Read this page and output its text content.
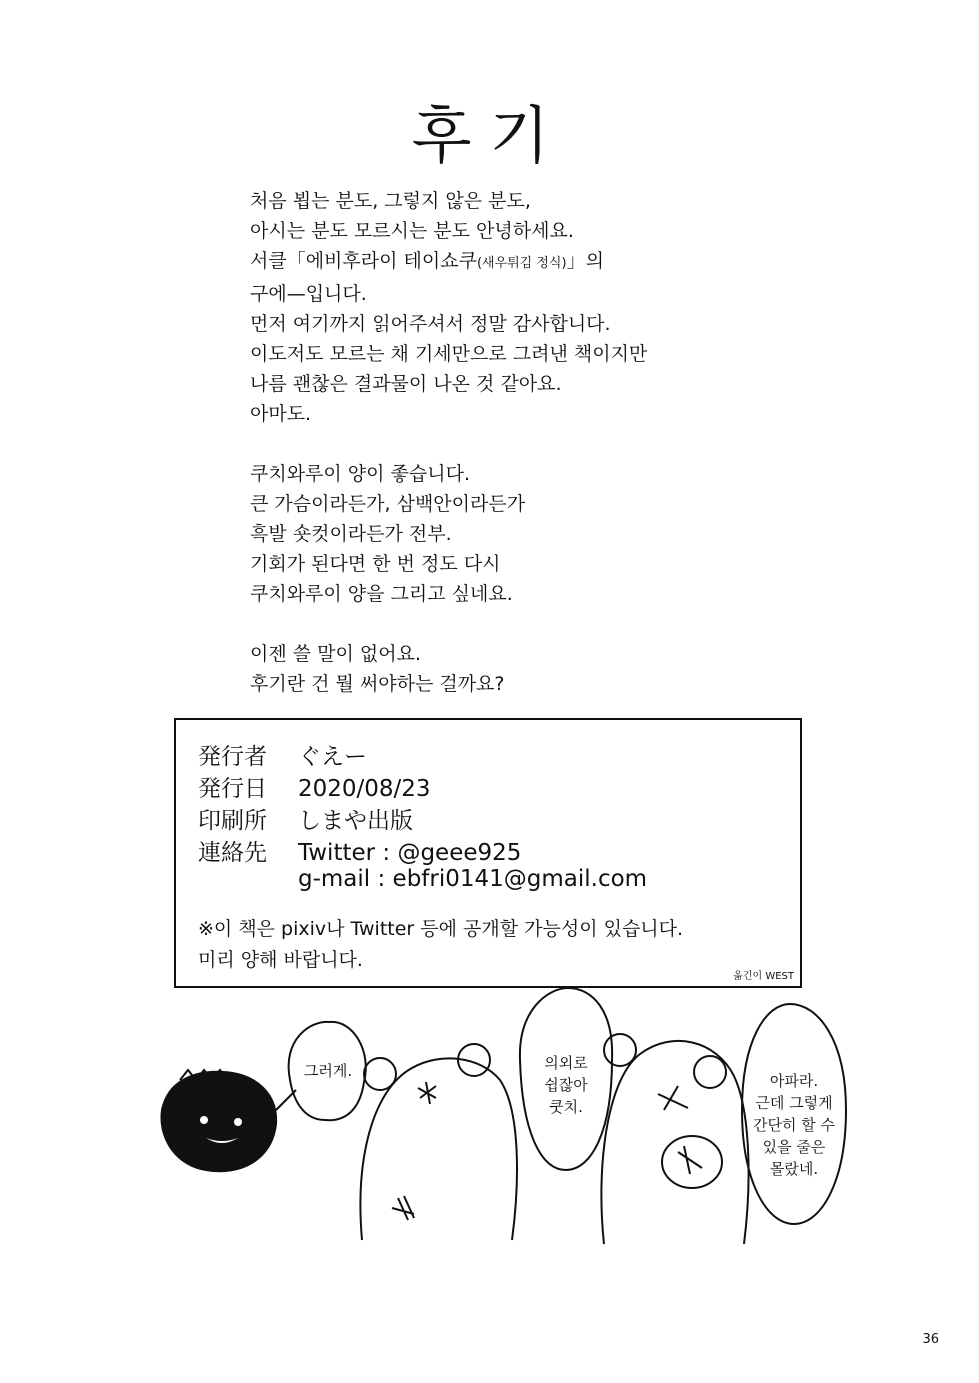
후기
처음 뵙는 분도, 그렇지 않은 분도,
아시는 분도 모르시는 분도 안녕하세요.
서클「에비후라이 테이쇼쿠(새우튀김 정식)」의
구에—입니다.
먼저 여기까지 읽어주셔서 정말 감사합니다.
이도저도 모르는 채 기세만으로 그려낸 책이지만
나름 괜찮은 결과물이 나온 것 같아요.
아마도.
쿠치와루이 양이 좋습니다.
큰 가슴이라든가, 삼백안이라든가
흑발 숏컷이라든가 전부.
기회가 된다면 한 번 정도 다시
쿠치와루이 양을 그리고 싶네요.
이젠 쓸 말이 없어요.
후기란 건 뭘 써야하는 걸까요?
発行者 ぐえー
発行日 2020/08/23
印刷所 しまや出版
連絡先 Twitter : @geee925
g-mail : ebfri0141@gmail.com
※이 책은 pixiv나 Twitter 등에 공개할 가능성이 있습니다.
미리 양해 바랍니다.
옮긴이 WEST
그러게.	의외로
쉽잖아
쿳치.
아파라.
근데 그렇게
간단히 할 수
있을 줄은
몰랐네.
36
